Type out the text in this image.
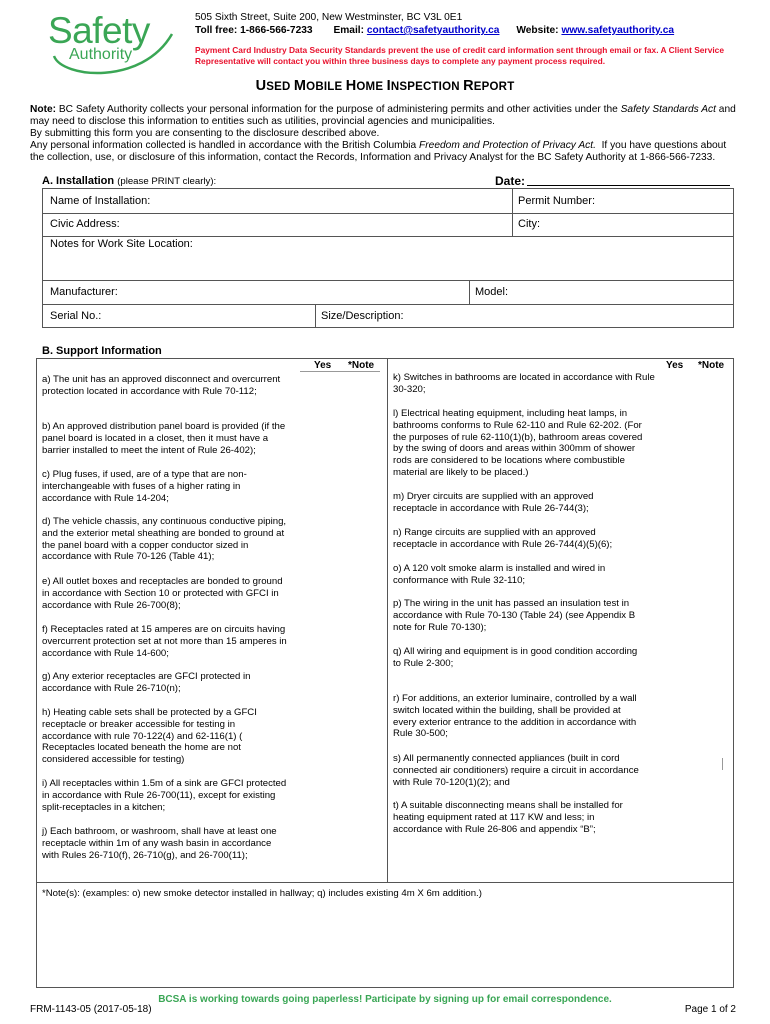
Safety
Authority
505 Sixth Street, Suite 200, New Westminster, BC V3L 0E1
Toll free: 1-866-566-7233 Email: contact@safetyauthority.ca Website: www.safetyauthority.ca
Payment Card Industry Data Security Standards prevent the use of credit card information sent through email or fax. A Client Service Representative will contact you within three business days to complete any payment process required.
USED MOBILE HOME INSPECTION REPORT
Note: BC Safety Authority collects your personal information for the purpose of administering permits and other activities under the Safety Standards Act and may need to disclose this information to entities such as utilities, provincial agencies and municipalities.
By submitting this form you are consenting to the disclosure described above.
Any personal information collected is handled in accordance with the British Columbia Freedom and Protection of Privacy Act. If you have questions about the collection, use, or disclosure of this information, contact the Records, Information and Privacy Analyst for the BC Safety Authority at 1-866-566-7233.
A. Installation (please PRINT clearly):	Date:
Name of Installation:	Permit Number:
Civic Address:	City:
Notes for Work Site Location:
Manufacturer:	Model:
Serial No.:	Size/Description:
B. Support Information
Yes *Note	Yes *Note
a) The unit has an approved disconnect and overcurrent protection located in accordance with Rule 70-112;
b) An approved distribution panel board is provided (if the panel board is located in a closet, then it must have a barrier installed to meet the intent of Rule 26-402);
c) Plug fuses, if used, are of a type that are non-interchangeable with fuses of a higher rating in accordance with Rule 14-204;
d) The vehicle chassis, any continuous conductive piping, and the exterior metal sheathing are bonded to ground at the panel board with a copper conductor sized in accordance with Rule 70-126 (Table 41);
e) All outlet boxes and receptacles are bonded to ground in accordance with Section 10 or protected with GFCI in accordance with Rule 26-700(8);
f) Receptacles rated at 15 amperes are on circuits having overcurrent protection set at not more than 15 amperes in accordance with Rule 14-600;
g) Any exterior receptacles are GFCI protected in accordance with Rule 26-710(n);
h) Heating cable sets shall be protected by a GFCI receptacle or breaker accessible for testing in accordance with rule 70-122(4) and 62-116(1) ( Receptacles located beneath the home are not considered accessible for testing)
i) All receptacles within 1.5m of a sink are GFCI protected in accordance with Rule 26-700(11), except for existing split-receptacles in a kitchen;
j) Each bathroom, or washroom, shall have at least one receptacle within 1m of any wash basin in accordance with Rules 26-710(f), 26-710(g), and 26-700(11);
k) Switches in bathrooms are located in accordance with Rule 30-320;
l) Electrical heating equipment, including heat lamps, in bathrooms conforms to Rule 62-110 and Rule 62-202. (For the purposes of rule 62-110(1)(b), bathroom areas covered by the swing of doors and areas within 300mm of shower rods are considered to be locations where combustible material are likely to be placed.)
m) Dryer circuits are supplied with an approved receptacle in accordance with Rule 26-744(3);
n) Range circuits are supplied with an approved receptacle in accordance with Rule 26-744(4)(5)(6);
o) A 120 volt smoke alarm is installed and wired in conformance with Rule 32-110;
p) The wiring in the unit has passed an insulation test in accordance with Rule 70-130 (Table 24) (see Appendix B note for Rule 70-130);
q) All wiring and equipment is in good condition according to Rule 2-300;
r) For additions, an exterior luminaire, controlled by a wall switch located within the building, shall be provided at every exterior entrance to the addition in accordance with Rule 30-500;
s) All permanently connected appliances (built in cord connected air conditioners) require a circuit in accordance with Rule 70-120(1)(2); and
t) A suitable disconnecting means shall be installed for heating equipment rated at 117 KW and less; in accordance with Rule 26-806 and appendix “B”;
*Note(s): (examples: o) new smoke detector installed in hallway; q) includes existing 4m X 6m addition.)
BCSA is working towards going paperless! Participate by signing up for email correspondence.
FRM-1143-05 (2017-05-18)	Page 1 of 2
